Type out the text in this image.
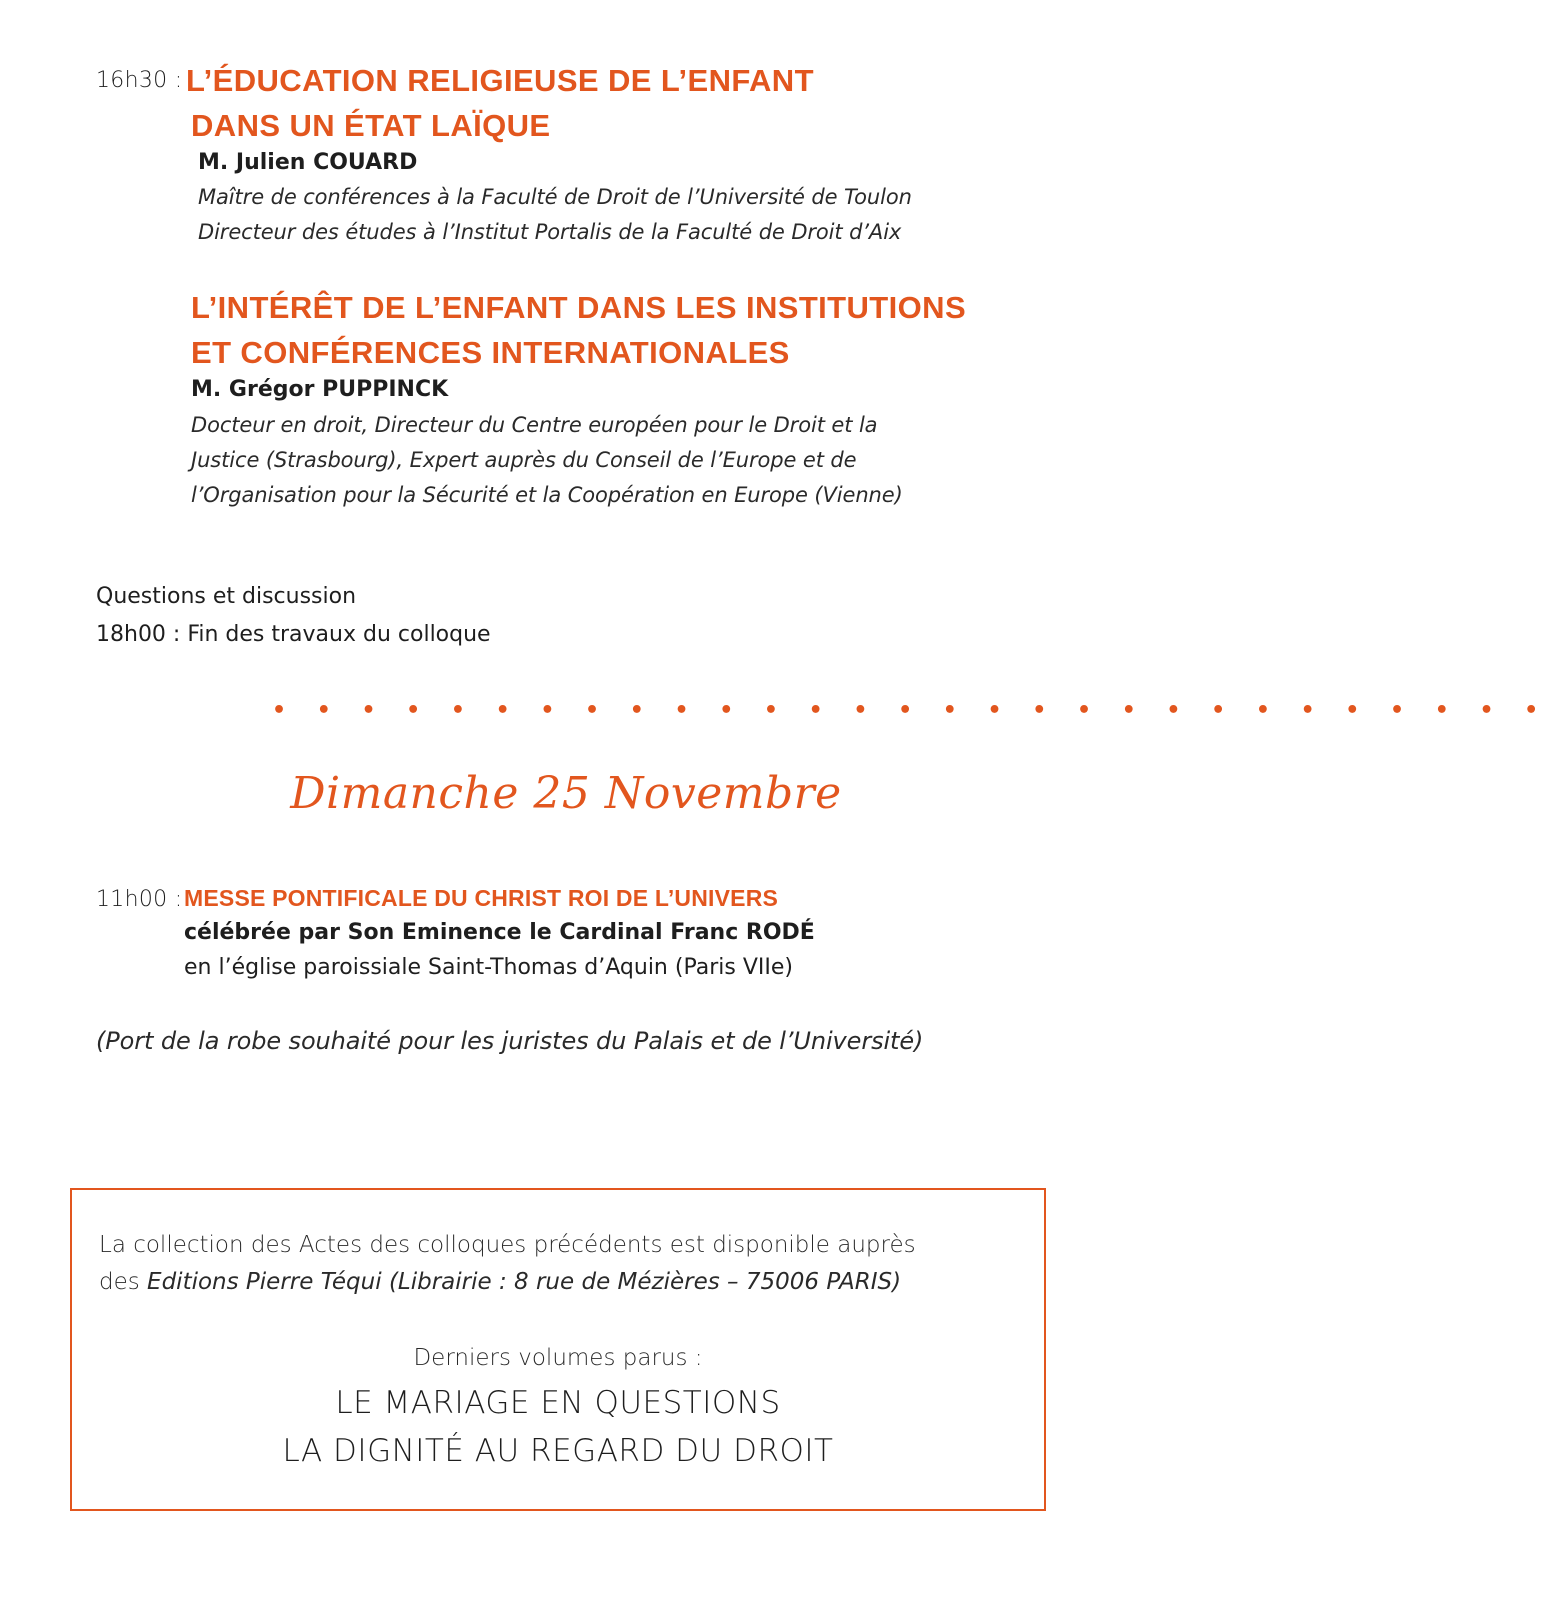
16h30 : L’ÉDUCATION RELIGIEUSE DE L’ENFANT
DANS UN ÉTAT LAÏQUE
M. Julien COUARD
Maître de conférences à la Faculté de Droit de l’Université de Toulon
Directeur des études à l’Institut Portalis de la Faculté de Droit d’Aix
L’INTÉRÊT DE L’ENFANT DANS LES INSTITUTIONS
ET CONFÉRENCES INTERNATIONALES
M. Grégor PUPPINCK
Docteur en droit, Directeur du Centre européen pour le Droit et la
Justice (Strasbourg), Expert auprès du Conseil de l’Europe et de
l’Organisation pour la Sécurité et la Coopération en Europe (Vienne)
Questions et discussion
18h00 : Fin des travaux du colloque
• • • • • • • • • • • • • • • • • • • • • • • • • • • • •
Dimanche 25 Novembre
11h00 : MESSE PONTIFICALE DU CHRIST ROI DE L’UNIVERS
célébrée par Son Eminence le Cardinal Franc RODÉ
en l’église paroissiale Saint-Thomas d’Aquin (Paris VIIe)
(Port de la robe souhaité pour les juristes du Palais et de l’Université)
La collection des Actes des colloques précédents est disponible auprès
des Editions Pierre Téqui (Librairie : 8 rue de Mézières – 75006 PARIS)
Derniers volumes parus :
LE MARIAGE EN QUESTIONS
LA DIGNITÉ AU REGARD DU DROIT
